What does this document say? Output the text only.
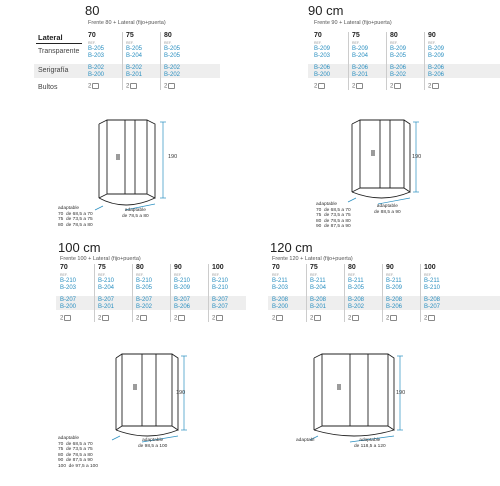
80
Frente 80 + Lateral (fijo+puerta)
Lateral
Transparente
Serigrafía
Bultos
70
REF.
B-205
B-203
B-202
B-200
2
75
REF.
B-205
B-204
B-202
B-201
2
80
REF.
B-205
B-205
B-202
B-202
2
190
adaptable
de 78,5 a 80
adaptable
70  de 68,5 a 70
75  de 73,5 a 75
80  de 78,5 a 80
90 cm
Frente 90 + Lateral (fijo+puerta)
70
REF.
B-209
B-203
B-206
B-200
2
75
REF.
B-209
B-204
B-206
B-201
2
80
REF.
B-209
B-205
B-206
B-202
2
90
REF.
B-209
B-209
B-206
B-206
2
190
adaptable
de 88,5 a 90
adaptable
70  de 68,5 a 70
75  de 73,5 a 75
80  de 78,5 a 80
90  de 87,5 a 90
100 cm
Frente 100 + Lateral (fijo+puerta)
70
REF.
B-210
B-203
B-207
B-200
2
75
REF.
B-210
B-204
B-207
B-201
2
80
REF.
B-210
B-205
B-207
B-202
2
90
REF.
B-210
B-209
B-207
B-206
2
100
REF.
B-210
B-210
B-207
B-207
2
190
adaptable
de 98,5 a 100
adaptable
70  de 68,5 a 70
75  de 73,5 a 75
80  de 78,5 a 80
90  de 87,5 a 90
100  de 97,5 a 100
120 cm
Frente 120 + Lateral (fijo+puerta)
70
REF.
B-211
B-203
B-208
B-200
2
75
REF.
B-211
B-204
B-208
B-201
2
80
REF.
B-211
B-205
B-208
B-202
2
90
REF.
B-211
B-209
B-208
B-206
2
100
REF.
B-211
B-210
B-208
B-207
2
190
adaptable
de 118,5 a 120
adaptabl
